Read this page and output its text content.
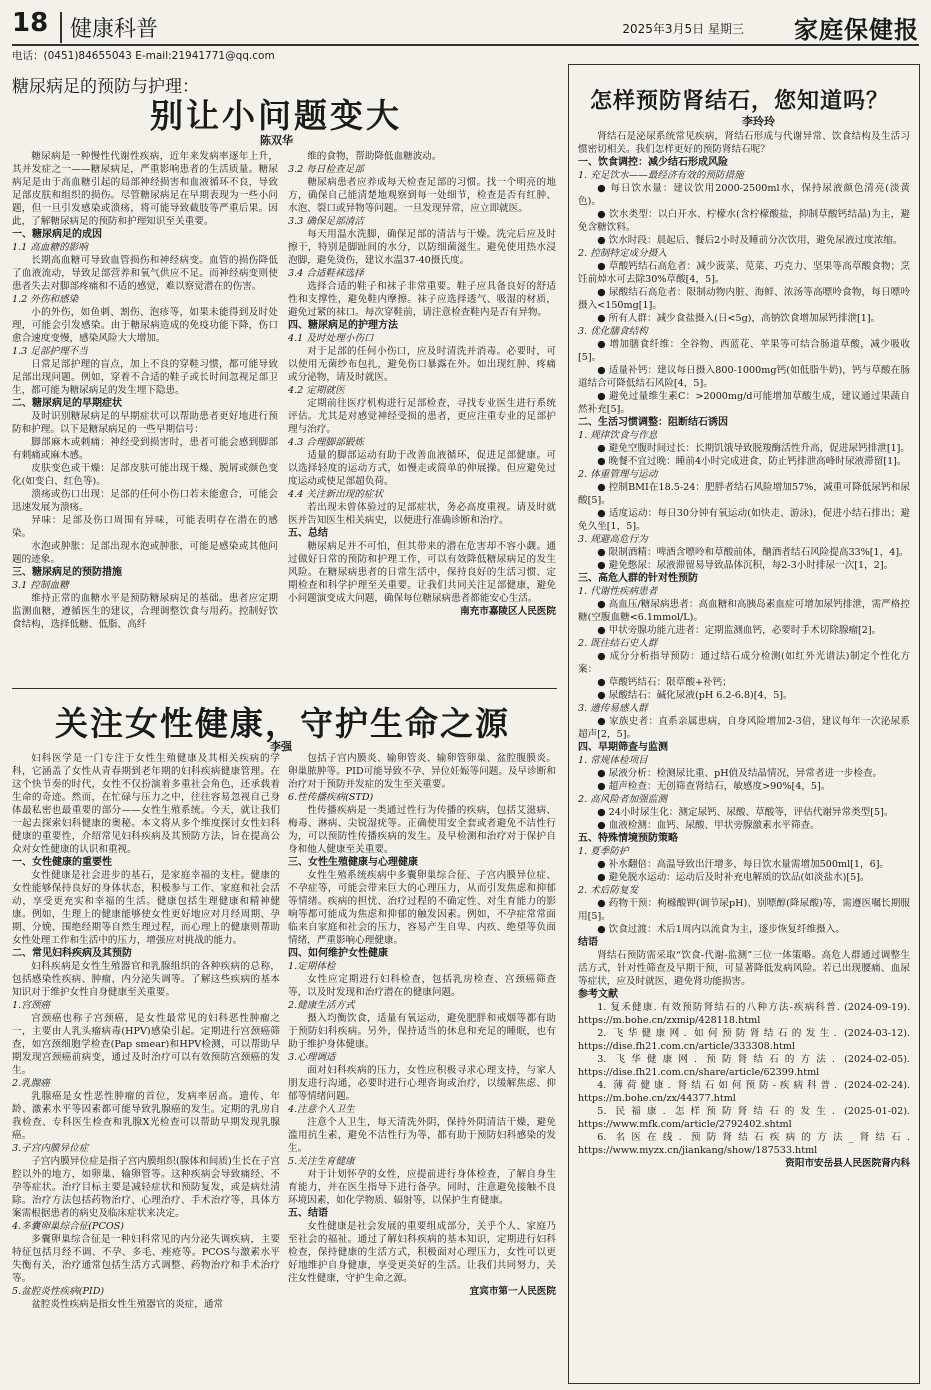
18 健康科普	2025年3月5日 星期三 家庭保健报
电话：(0451)84655043 E-mail:21941771@qq.com
糖尿病足的预防与护理：
别让小问题变大
陈双华

糖尿病是一种慢性代谢性疾病，近年来发病率逐年上升，其并发症之一——糖尿病足，严重影响患者的生活质量。糖尿病足是由于高血糖引起的局部神经损害和血液循环不良，导致足部皮肤和组织的损伤。尽管糖尿病足在早期表现为一些小问题，但一旦引发感染或溃疡，将可能导致截肢等严重后果。因此，了解糖尿病足的预防和护理知识至关重要。

一、糖尿病足的成因
1.1 高血糖的影响

长期高血糖可导致血管损伤和神经病变。血管的损伤降低了血液流动，导致足部营养和氧气供应不足。而神经病变则使患者失去对脚部疼痛和不适的感觉，难以察觉潜在的伤害。

1.2 外伤和感染

小的外伤，如鱼刺、割伤、泡疹等，如果未能得到及时处理，可能会引发感染。由于糖尿病造成的免疫功能下降，伤口愈合速度变慢，感染风险大大增加。

1.3 足部护理不当

日常足部护理的盲点，加上不良的穿鞋习惯，都可能导致足部出现问题。例如，穿着不合适的鞋子或长时间忽视足部卫生，都可能为糖尿病足的发生埋下隐患。

二、糖尿病足的早期症状

及时识别糖尿病足的早期症状可以帮助患者更好地进行预防和护理。以下是糖尿病足的一些早期信号：

脚部麻木或刺痛：神经受到损害时，患者可能会感到脚部有刺痛或麻木感。

皮肤变色或干燥：足部皮肤可能出现干燥、脱屑或颜色变化(如变白、红色等)。

溃疡或伤口出现：足部的任何小伤口若未能愈合，可能会迅速发展为溃疡。

异味：足部及伤口周围有异味，可能表明存在潜在的感染。

水泡或肿胀：足部出现水泡或肿胀，可能是感染或其他问题的迹象。

三、糖尿病足的预防措施
3.1 控制血糖

维持正常的血糖水平是预防糖尿病足的基础。患者应定期监测血糖，遵循医生的建议，合理调整饮食与用药。控制好饮食结构，选择低糖、低脂、高纤

维的食物，帮助降低血糖波动。

3.2 每日检查足部

糖尿病患者应养成每天检查足部的习惯。找一个明亮的地方，确保自己能清楚地观察到每一处细节，检查是否有红肿、水泡、裂口或异物等问题。一旦发现异常，应立即就医。

3.3 确保足部清洁

每天用温水洗脚，确保足部的清洁与干燥。洗完后应及时擦干，特别是脚趾间的水分，以防细菌滋生。避免使用热水浸泡脚，避免烫伤，建议水温37-40摄氏度。

3.4 合适鞋袜选择

选择合适的鞋子和袜子非常重要。鞋子应具备良好的舒适性和支撑性，避免鞋内摩擦。袜子应选择透气、吸湿的材质，避免过紧的袜口。每次穿鞋前，请注意检查鞋内是否有异物。

四、糖尿病足的护理方法
4.1 及时处理小伤口

对于足部的任何小伤口，应及时清洗并消毒。必要时，可以使用无菌纱布包扎，避免伤口暴露在外。如出现红肿、疼痛或分泌物，请及时就医。

4.2 定期就医

定期前往医疗机构进行足部检查，寻找专业医生进行系统评估。尤其是对感觉神经受损的患者，更应注重专业的足部护理与治疗。

4.3 合理脚部锻炼

适量的脚部运动有助于改善血液循环，促进足部健康。可以选择轻度的运动方式，如慢走或简单的伸展操。但应避免过度运动或使足部超负荷。

4.4 关注新出现的症状

若出现未曾体验过的足部症状，务必高度重视。请及时就医并告知医生相关病史，以便进行准确诊断和治疗。

五、总结

糖尿病足并不可怕，但其带来的潜在危害却不容小觑。通过做好日常的预防和护理工作，可以有效降低糖尿病足的发生风险。在糖尿病患者的日常生活中，保持良好的生活习惯、定期检查和科学护理至关重要。让我们共同关注足部健康，避免小问题演变成大问题，确保每位糖尿病患者都能安心生活。

南充市嘉陵区人民医院
关注女性健康，守护生命之源
李强

妇科医学是一门专注于女性生殖健康及其相关疾病的学科，它涵盖了女性从青春期到老年期的妇科疾病健康管理。在这个快节奏的时代，女性不仅扮演着多重社会角色，还承载着生命的奇迹。然而，在忙碌与压力之中，往往容易忽视自己身体最私密也最重要的部分——女性生殖系统。今天，就让我们一起去探索妇科健康的奥秘。本文将从多个维度探讨女性妇科健康的重要性，介绍常见妇科疾病及其预防方法，旨在提高公众对女性健康的认识和重视。

一、女性健康的重要性

女性健康是社会进步的基石，是家庭幸福的支柱。健康的女性能够保持良好的身体状态，积极参与工作、家庭和社会活动，享受更充实和幸福的生活。健康包括生理健康和精神健康。例如，生理上的健康能够使女性更好地应对月经周期、孕期、分娩、围绝经期等自然生理过程，而心理上的健康则帮助女性处理工作和生活中的压力，增强应对挑战的能力。

二、常见妇科疾病及其预防

妇科疾病是女性生殖器官和乳腺组织的各种疾病的总称，包括感染性疾病、肿瘤、内分泌失调等。了解这些疾病的基本知识对于维护女性自身健康至关重要。

1.宫颈癌

宫颈癌也称子宫颈癌，是女性最常见的妇科恶性肿瘤之一，主要由人乳头瘤病毒(HPV)感染引起。定期进行宫颈癌筛查，如宫颈细胞学检查(Pap smear)和HPV检测，可以帮助早期发现宫颈癌前病变，通过及时治疗可以有效预防宫颈癌的发生。

2.乳腺癌

乳腺癌是女性恶性肿瘤的首位，发病率居高。遗传、年龄、激素水平等因素都可能导致乳腺癌的发生。定期的乳房自我检查、专科医生检查和乳腺X光检查可以帮助早期发现乳腺癌。

3.子宫内膜异位症

子宫内膜异位症是指子宫内膜组织(腺体和间质)生长在子宫腔以外的地方，如卵巢、输卵管等。这种疾病会导致痛经、不孕等症状。治疗目标主要是减轻症状和预防复发，或是病灶清除。治疗方法包括药物治疗、心理治疗、手术治疗等，具体方案需根据患者的病史及临床症状来决定。

4.多囊卵巢综合征(PCOS)

多囊卵巢综合征是一种妇科常见的内分泌失调疾病，主要特征包括月经不调、不孕、多毛、痤疮等。PCOS与激素水平失衡有关，治疗通常包括生活方式调整、药物治疗和手术治疗等。

5.盆腔炎性疾病(PID)

盆腔炎性疾病是指女性生殖器官的炎症，通常

包括子宫内膜炎、输卵管炎、输卵管卵巢、盆腔腹膜炎。卵巢脓肿等。PID可能导致不孕、异位妊娠等问题。及早诊断和治疗对于预防并发症的发生至关重要。

6.性传播疾病(STD)

性传播疾病是一类通过性行为传播的疾病，包括艾滋病、梅毒、淋病、尖锐湿疣等。正确使用安全套或者避免不洁性行为，可以预防性传播疾病的发生。及早检测和治疗对于保护自身和他人健康至关重要。

三、女性生殖健康与心理健康

女性生殖系统疾病中多囊卵巢综合征、子宫内膜异位症、不孕症等，可能会带来巨大的心理压力，从而引发焦虑和抑郁等情绪。疾病的担忧、治疗过程的不确定性、对生育能力的影响等都可能成为焦虑和抑郁的触发因素。例如，不孕症常常面临来自家庭和社会的压力，容易产生自卑、内疚、绝望等负面情绪，严重影响心理健康。

四、如何维护女性健康
1.定期体检

女性应定期进行妇科检查，包括乳房检查、宫颈癌筛查等，以及时发现和治疗潜在的健康问题。

2.健康生活方式

摄入均衡饮食，适量有氧运动，避免肥胖和戒烟等都有助于预防妇科疾病。另外，保持适当的休息和充足的睡眠，也有助于维护身体健康。

3.心理调适

面对妇科疾病的压力，女性应积极寻求心理支持，与家人朋友进行沟通，必要时进行心理咨询或治疗，以缓解焦虑、抑郁等情绪问题。

4.注意个人卫生

注意个人卫生，每天清洗外阴，保持外阴清洁干燥，避免滥用抗生素，避免不洁性行为等，都有助于预防妇科感染的发生。

5.关注生育健康

对于计划怀孕的女性，应提前进行身体检查，了解自身生育能力，并在医生指导下进行备孕。同时，注意避免接触不良环境因素，如化学物质、辐射等，以保护生育健康。

五、结语

女性健康是社会发展的重要组成部分，关乎个人、家庭乃至社会的福祉。通过了解妇科疾病的基本知识，定期进行妇科检查，保持健康的生活方式，积极面对心理压力，女性可以更好地维护自身健康，享受更美好的生活。让我们共同努力，关注女性健康，守护生命之源。

宜宾市第一人民医院
怎样预防肾结石，您知道吗？
李玲玲

肾结石是泌尿系统常见疾病，肾结石形成与代谢异常、饮食结构及生活习惯密切相关。我们怎样更好的预防肾结石呢？

一、饮食调控：减少结石形成风险
1. 充足饮水——最经济有效的预防措施

● 每日饮水量：建议饮用2000-2500ml水，保持尿液颜色清亮(淡黄色)。

● 饮水类型：以白开水、柠檬水(含柠檬酸盐，抑制草酸钙结晶)为主，避免含糖饮料。

● 饮水时段：晨起后、餐后2小时及睡前分次饮用，避免尿液过度浓缩。

2. 控制特定成分摄入

● 草酸钙结石高危者：减少菠菜、苋菜、巧克力、坚果等高草酸食物；烹饪前焯水可去除30%草酸[4，5]。

● 尿酸结石高危者：限制动物内脏、海鲜、浓汤等高嘌呤食物，每日嘌呤摄入<150mg[1]。

● 所有人群：减少食盐摄入(日<5g)，高钠饮食增加尿钙排泄[1]。

3. 优化膳食结构

● 增加膳食纤维：全谷物、西蓝花、苹果等可结合肠道草酸，减少吸收[5]。

● 适量补钙：建议每日摄入800-1000mg钙(如低脂牛奶)，钙与草酸在肠道结合可降低结石风险[4，5]。

● 避免过量维生素C：>2000mg/d可能增加草酸生成，建议通过果蔬自然补充[5]。

二、生活习惯调整：阻断结石诱因
1. 规律饮食与作息

● 避免空腹时间过长：长期饥饿导致脱羧酶活性升高，促进尿钙排泄[1]。

● 晚餐不宜过晚：睡前4小时完成进食，防止钙排泄高峰时尿液滞留[1]。

2. 体重管理与运动

● 控制BMI在18.5-24：肥胖者结石风险增加57%，减重可降低尿钙和尿酸[5]。

● 适度运动：每日30分钟有氧运动(如快走、游泳)，促进小结石排出；避免久坐[1，5]。

3. 规避高危行为

● 限制酒精：啤酒含嘌呤和草酸前体，酗酒者结石风险提高33%[1，4]。

● 避免憋尿：尿液滞留易导致晶体沉积，每2-3小时排尿一次[1，2]。

三、高危人群的针对性预防
1. 代谢性疾病患者

● 高血压/糖尿病患者：高血糖和高胰岛素血症可增加尿钙排泄，需严格控糖(空腹血糖<6.1mmol/L)。

● 甲状旁腺功能亢进者：定期监测血钙，必要时手术切除腺瘤[2]。

2. 既往结石史人群

● 成分分析指导预防：通过结石成分检测(如红外光谱法)制定个性化方案：

● 草酸钙结石：限草酸+补钙；

● 尿酸结石：碱化尿液(pH 6.2-6.8)[4，5]。

3. 遗传易感人群

● 家族史者：直系亲属患病，自身风险增加2-3倍，建议每年一次泌尿系超声[2，5]。

四、早期筛查与监测
1. 常规体检项目

● 尿液分析：检测尿比重、pH值及结晶情况，异常者进一步检查。

● 超声检查：无创筛查肾结石，敏感度>90%[4，5]。

2. 高风险者加强监测

● 24小时尿生化：测定尿钙、尿酸、草酸等，评估代谢异常类型[5]。

● 血液检测：血钙、尿酸、甲状旁腺激素水平筛查。

五、特殊情境预防策略
1. 夏季防护

● 补水翻倍：高温导致出汗增多，每日饮水量需增加500ml[1，6]。

● 避免脱水运动：运动后及时补充电解质的饮品(如淡盐水)[5]。

2. 术后防复发

● 药物干预：枸橼酸钾(调节尿pH)、别嘌醇(降尿酸)等，需遵医嘱长期服用[5]。

● 饮食过渡：术后1周内以流食为主，逐步恢复纤维摄入。

结语

肾结石预防需采取“饮食-代谢-监测”三位一体策略。高危人群通过调整生活方式，针对性筛查及早期干预，可显著降低发病风险。若已出现腰痛、血尿等症状，应及时就医，避免肾功能损害。

参考文献

1. 复禾健康. 有效预防肾结石的八种方法-疾病科普. (2024-09-19). https://m.bohe.cn/zxmip/428118.html

2. 飞华健康网. 如何预防肾结石的发生. (2024-03-12). https://dise.fh21.com.cn/article/333308.html

3. 飞华健康网. 预防肾结石的方法. (2024-02-05). https://dise.fh21.com.cn/share/article/62399.html

4. 薄荷健康. 肾结石如何预防-疾病科普. (2024-02-24). https://m.bohe.cn/zx/44377.html

5. 民福康. 怎样预防肾结石的发生. (2025-01-02). https://www.mfk.com/article/2792402.shtml

6. 名医在线. 预防肾结石疾病的方法_肾结石. https://www.myzx.cn/jiankang/show/187533.html

资阳市安岳县人民医院肾内科
